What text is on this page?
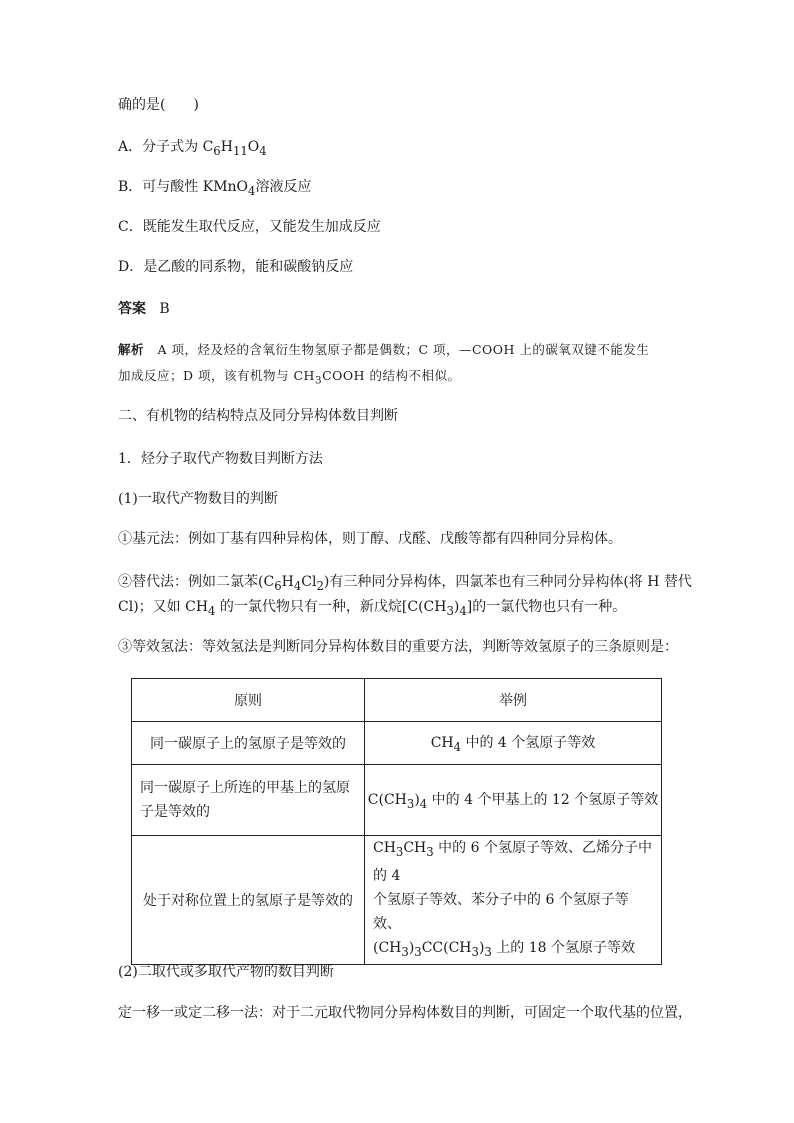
确的是(　　)
A．分子式为 $C_6H_{11}O_4$
B．可与酸性 KMnO$_4$溶液反应
C．既能发生取代反应，又能发生加成反应
D．是乙酸的同系物，能和碳酸钠反应
答案 B
解析 A 项，烃及烃的含氧衍生物氢原子都是偶数；C 项，—COOH 上的碳氧双键不能发生
加成反应；D 项，该有机物与 $CH_3COOH$ 的结构不相似。
二、有机物的结构特点及同分异构体数目判断
1．烃分子取代产物数目判断方法
(1)一取代产物数目的判断
①基元法：例如丁基有四种异构体，则丁醇、戊醛、戊酸等都有四种同分异构体。
②替代法：例如二氯苯$(C_6H_4Cl_2)$有三种同分异构体，四氯苯也有三种同分异构体(将 H 替代
Cl)；又如 $CH_4$ 的一氯代物只有一种，新戊烷$[C(CH_3)_4]$的一氯代物也只有一种。
③等效氢法：等效氢法是判断同分异构体数目的重要方法，判断等效氢原子的三条原则是：
原则	举例
同一碳原子上的氢原子是等效的	$CH_4$ 中的 4 个氢原子等效
同一碳原子上所连的甲基上的氢原
子是等效的	$C(CH_3)_4$ 中的 4 个甲基上的 12 个氢原子等效
处于对称位置上的氢原子是等效的	$CH_3CH_3$ 中的 6 个氢原子等效、乙烯分子中的 4
个氢原子等效、苯分子中的 6 个氢原子等效、
$(CH_3)_3CC(CH_3)_3$ 上的 18 个氢原子等效
(2)二取代或多取代产物的数目判断
定一移一或定二移一法：对于二元取代物同分异构体数目的判断，可固定一个取代基的位置，
